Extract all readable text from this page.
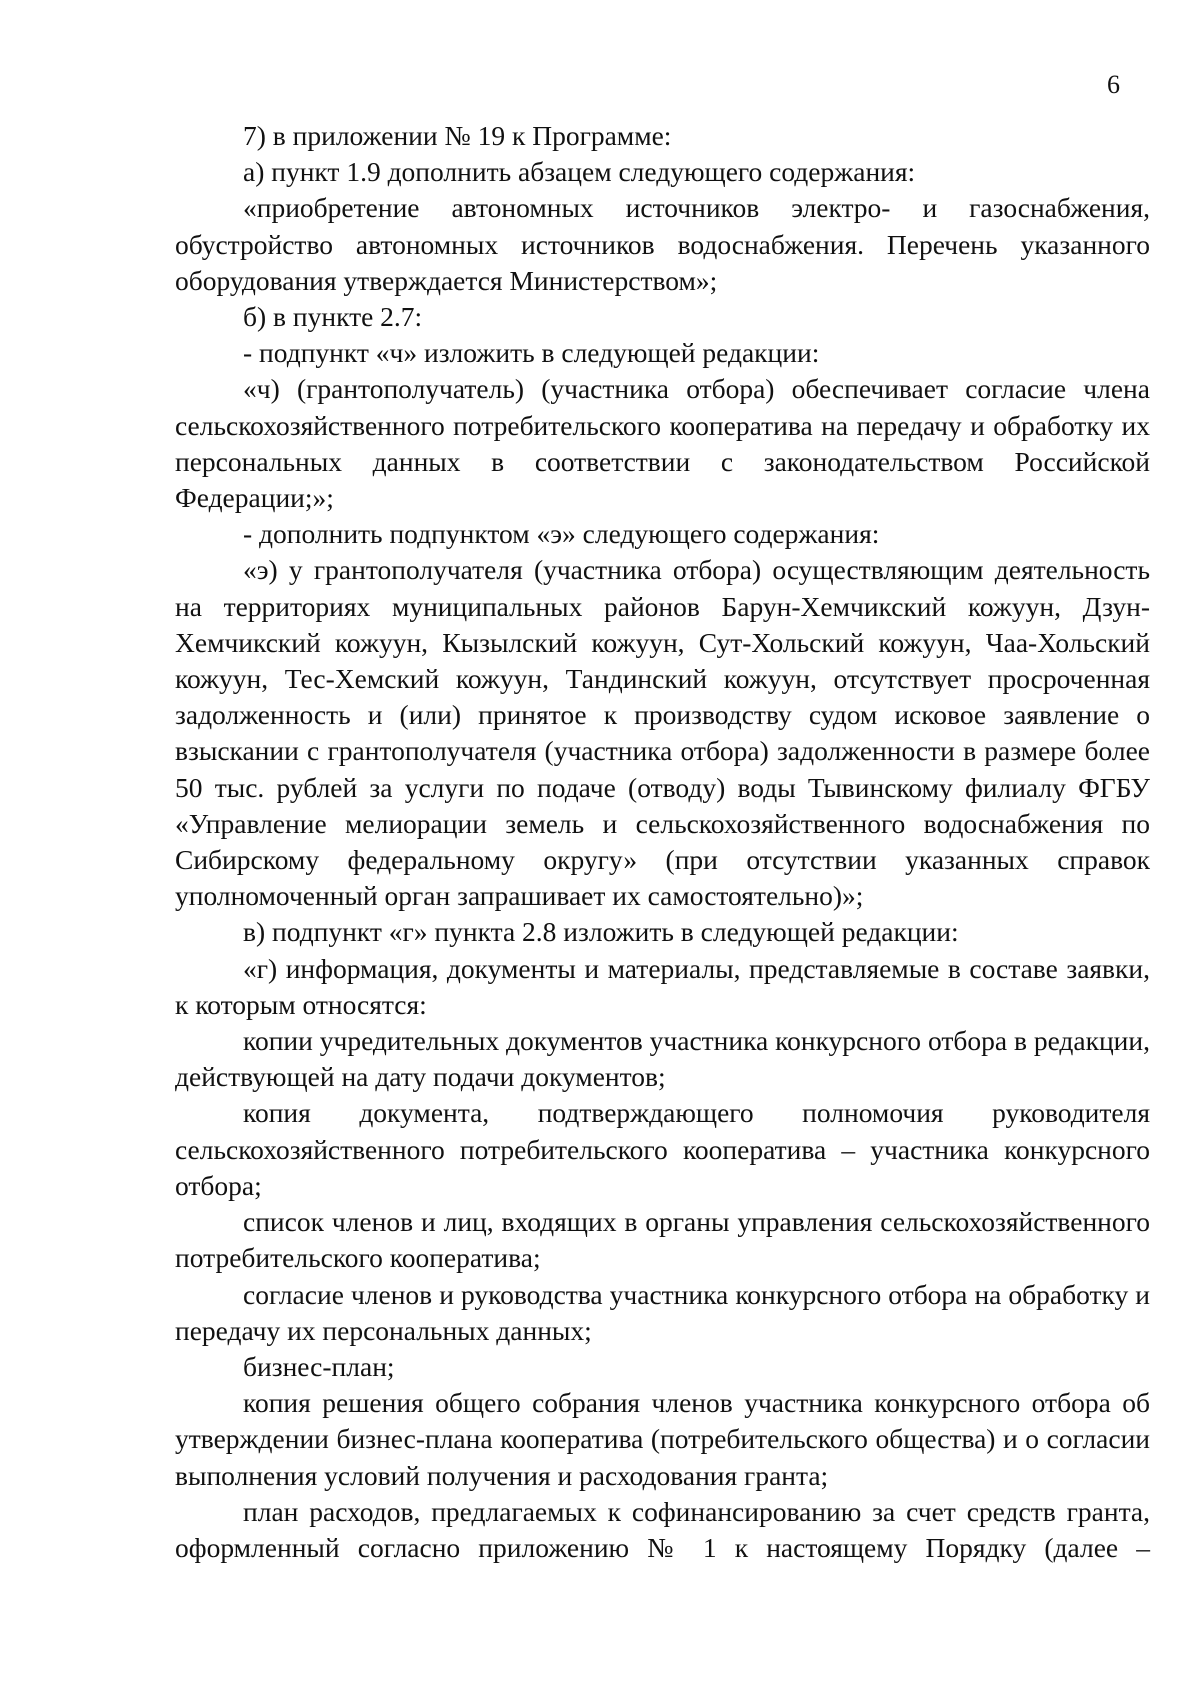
6

7) в приложении № 19 к Программе:

а) пункт 1.9 дополнить абзацем следующего содержания:

«приобретение автономных источников электро- и газоснабжения, обустройство автономных источников водоснабжения. Перечень указанного оборудования утверждается Министерством»;

б) в пункте 2.7:

- подпункт «ч» изложить в следующей редакции:

«ч) (грантополучатель) (участника отбора) обеспечивает согласие члена сельскохозяйственного потребительского кооператива на передачу и обработку их персональных данных в соответствии с законодательством Российской Федерации;»;

- дополнить подпунктом «э» следующего содержания:

«э) у грантополучателя (участника отбора) осуществляющим деятельность на территориях муниципальных районов Барун-Хемчикский кожуун, Дзун-Хемчикский кожуун, Кызылский кожуун, Сут-Хольский кожуун, Чаа-Хольский кожуун, Тес-Хемский кожуун, Тандинский кожуун, отсутствует просроченная задолженность и (или) принятое к производству судом исковое заявление о взыскании с грантополучателя (участника отбора) задолженности в размере более 50 тыс. рублей за услуги по подаче (отводу) воды Тывинскому филиалу ФГБУ «Управление мелиорации земель и сельскохозяйственного водоснабжения по Сибирскому федеральному округу» (при отсутствии указанных справок уполномоченный орган запрашивает их самостоятельно)»;

в) подпункт «г» пункта 2.8 изложить в следующей редакции:

«г) информация, документы и материалы, представляемые в составе заявки, к которым относятся:

копии учредительных документов участника конкурсного отбора в редакции, действующей на дату подачи документов;

копия документа, подтверждающего полномочия руководителя сельскохозяйственного потребительского кооператива – участника конкурсного отбора;

список членов и лиц, входящих в органы управления сельскохозяйственного потребительского кооператива;

согласие членов и руководства участника конкурсного отбора на обработку и передачу их персональных данных;

бизнес-план;

копия решения общего собрания членов участника конкурсного отбора об утверждении бизнес-плана кооператива (потребительского общества) и о согласии выполнения условий получения и расходования гранта;

план расходов, предлагаемых к софинансированию за счет средств гранта, оформленный согласно приложению № 1 к настоящему Порядку (далее –
